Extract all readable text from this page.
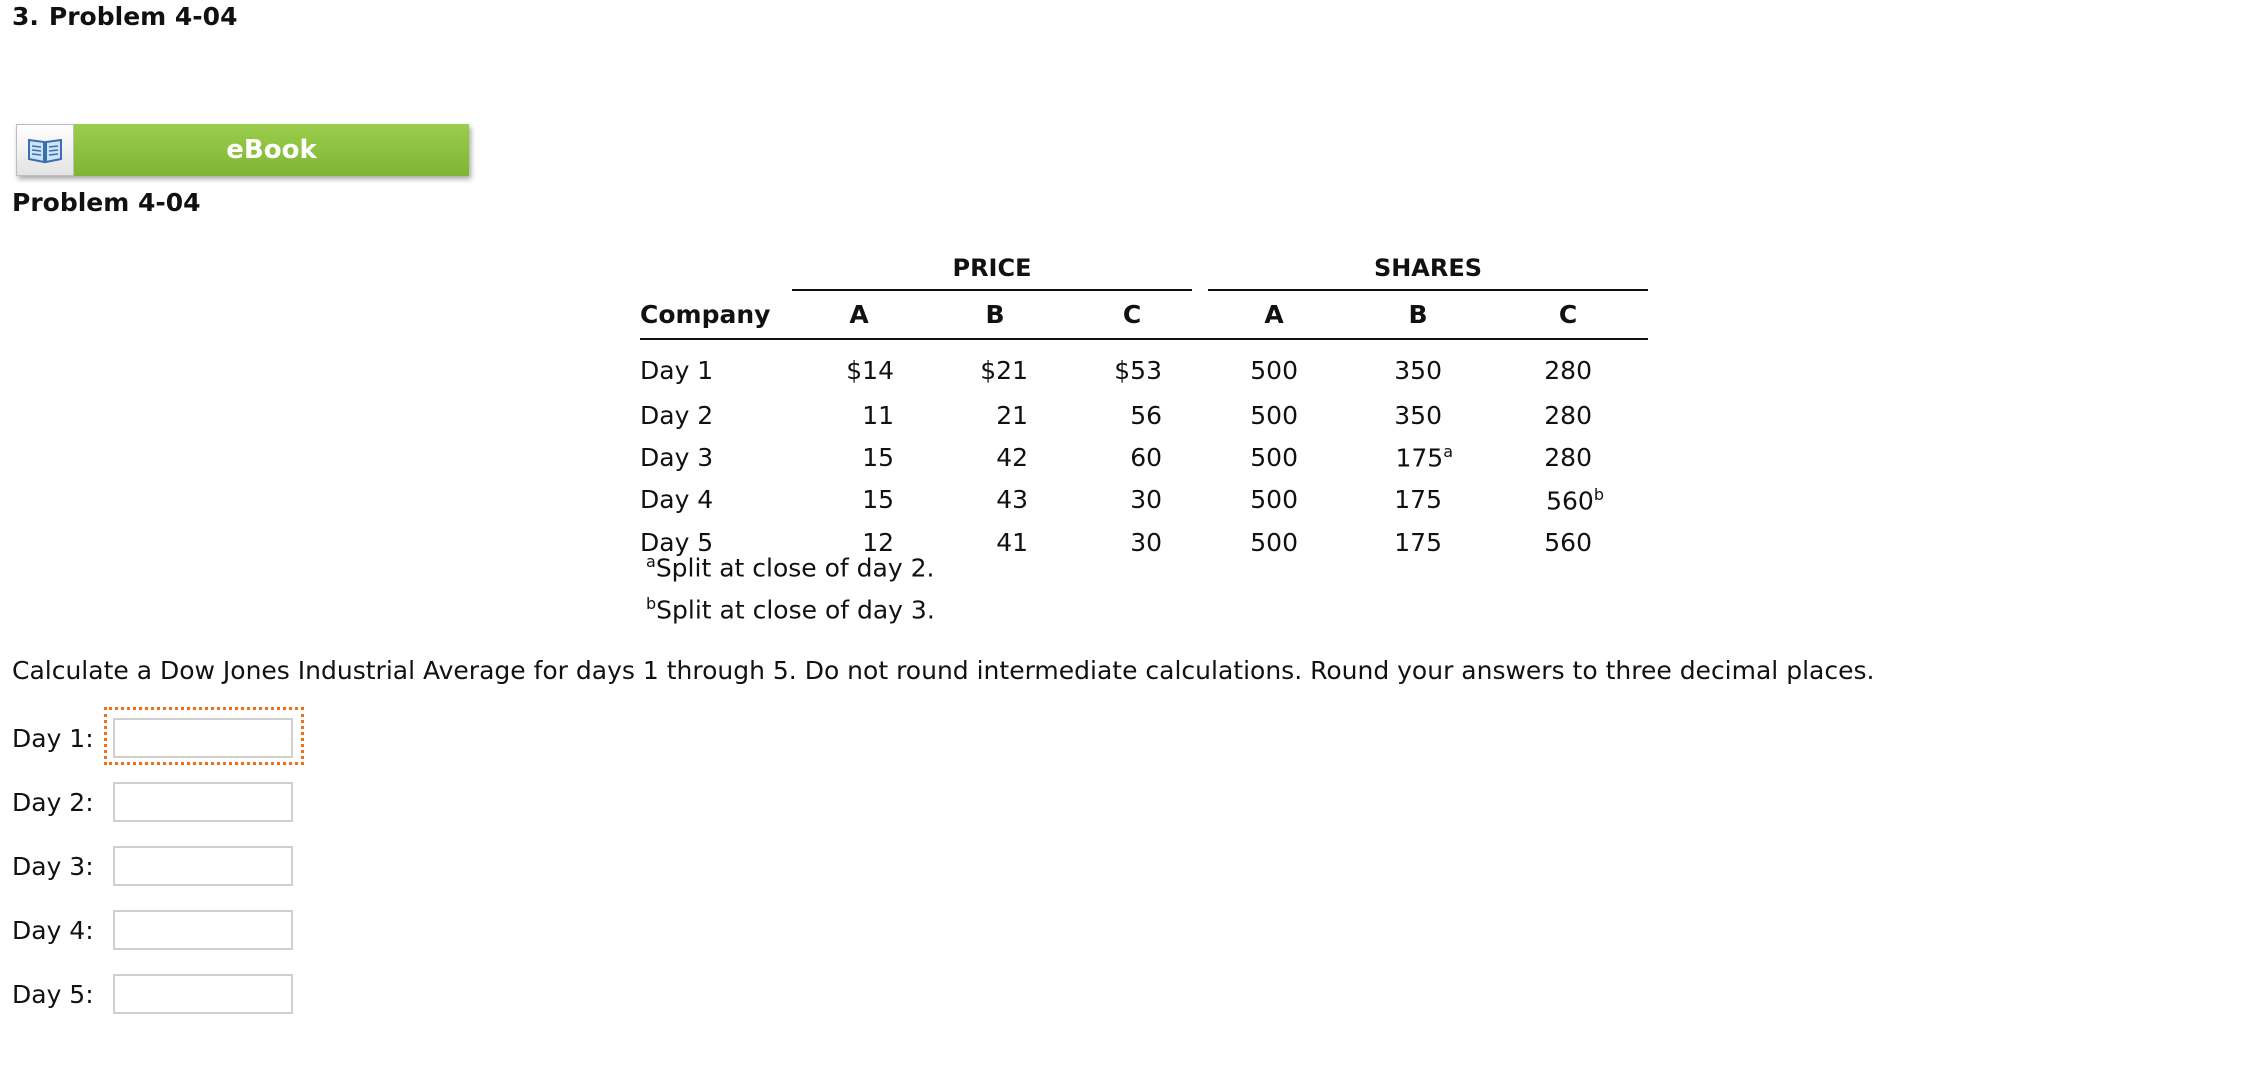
3. Problem 4-04
eBook
Problem 4-04
PRICE	SHARES
Company	A	B	C	A	B	C
Day 1	$14	$21	$53	500	350	280
Day 2	11	21	56	500	350	280
Day 3	15	42	60	500	175$^a$	280
Day 4	15	43	30	500	175	560$^b$
Day 5	12	41	30	500	175	560
$^a$Split at close of day 2.
$^b$Split at close of day 3.
Calculate a Dow Jones Industrial Average for days 1 through 5. Do not round intermediate calculations. Round your answers to three decimal places.
Day 1:
Day 2:
Day 3:
Day 4:
Day 5:
